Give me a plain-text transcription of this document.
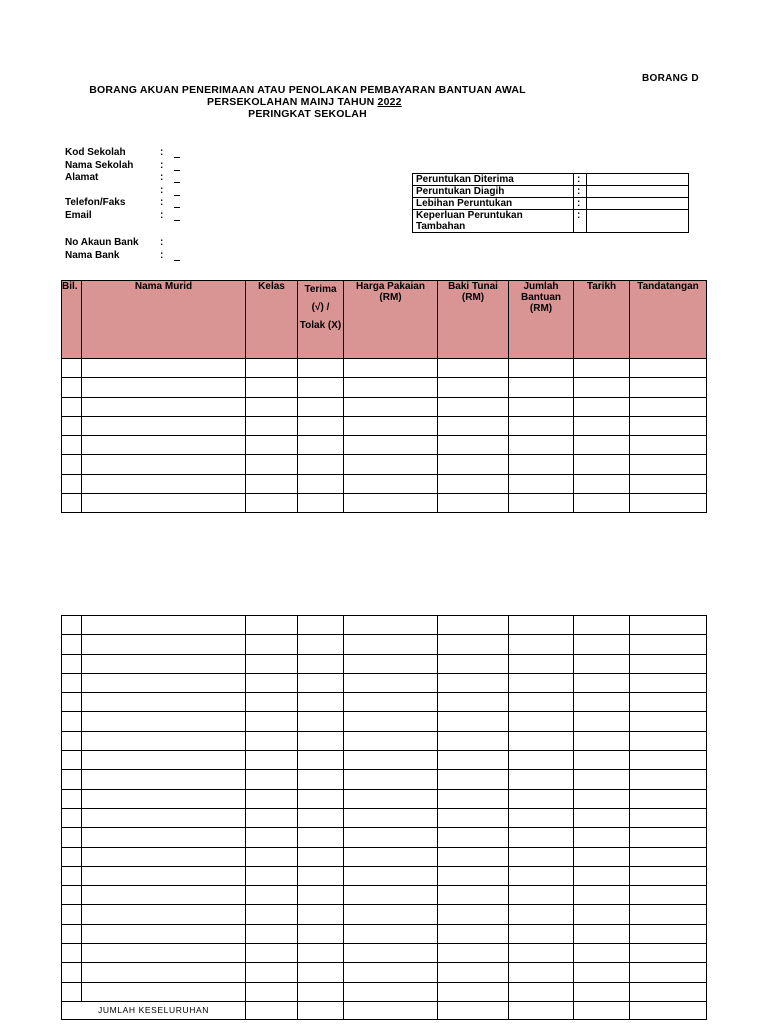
BORANG D
BORANG AKUAN PENERIMAAN ATAU PENOLAKAN PEMBAYARAN BANTUAN AWAL
PERSEKOLAHAN MAINJ TAHUN 2022
PERINGKAT SEKOLAH
Kod Sekolah	:
Nama Sekolah	:
Alamat	:
:
Telefon/Faks	:
Email	:
No Akaun Bank :
Nama Bank	:
Peruntukan Diterima	:	
Peruntukan Diagih	:	
Lebihan Peruntukan	:	
Keperluan Peruntukan Tambahan	:	
Bil.	Nama Murid	Kelas	Terima (√) / Tolak (X)	Harga Pakaian (RM)	Baki Tunai (RM)	Jumlah Bantuan (RM)	Tarikh	Tandatangan

JUMLAH KESELURUHAN								
